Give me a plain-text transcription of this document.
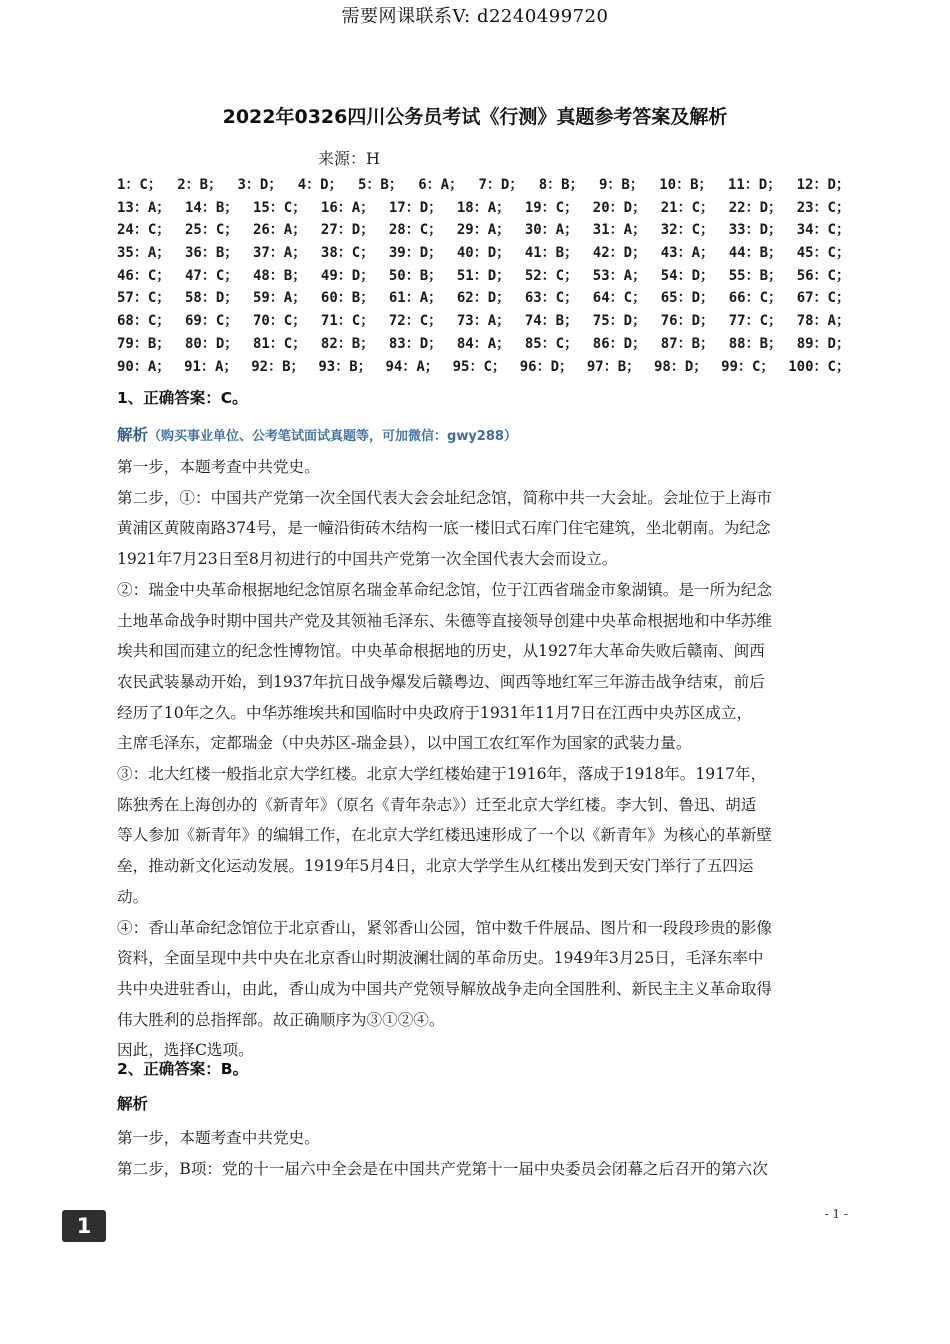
需要网课联系V: d2240499720

2022年0326四川公务员考试《行测》真题参考答案及解析
来源：H
1：C； 2：B； 3：D； 4：D； 5：B； 6：A； 7：D； 8：B； 9：B； 10：B； 11：D； 12：D；
13：A； 14：B； 15：C； 16：A； 17：D； 18：A； 19：C； 20：D； 21：C； 22：D； 23：C；
24：C； 25：C； 26：A； 27：D； 28：C； 29：A； 30：A； 31：A； 32：C； 33：D； 34：C；
35：A； 36：B； 37：A； 38：C； 39：D； 40：D； 41：B； 42：D； 43：A； 44：B； 45：C；
46：C； 47：C； 48：B； 49：D； 50：B； 51：D； 52：C； 53：A； 54：D； 55：B； 56：C；
57：C； 58：D； 59：A； 60：B； 61：A； 62：D； 63：C； 64：C； 65：D； 66：C； 67：C；
68：C； 69：C； 70：C； 71：C； 72：C； 73：A； 74：B； 75：D； 76：D； 77：C； 78：A；
79：B； 80：D； 81：C； 82：B； 83：D； 84：A； 85：C； 86：D； 87：B； 88：B； 89：D；
90：A； 91：A； 92：B； 93：B； 94：A； 95：C； 96：D； 97：B； 98：D； 99：C； 100：C；
1、正确答案：C。
解析（购买事业单位、公考笔试面试真题等，可加微信：gwy288）

第一步，本题考查中共党史。

第二步，①：中国共产党第一次全国代表大会会址纪念馆，简称中共一大会址。会址位于上海市

黄浦区黄陂南路374号，是一幢沿街砖木结构一底一楼旧式石库门住宅建筑，坐北朝南。为纪念

1921年7月23日至8月初进行的中国共产党第一次全国代表大会而设立。

②：瑞金中央革命根据地纪念馆原名瑞金革命纪念馆，位于江西省瑞金市象湖镇。是一所为纪念

土地革命战争时期中国共产党及其领袖毛泽东、朱德等直接领导创建中央革命根据地和中华苏维

埃共和国而建立的纪念性博物馆。中央革命根据地的历史，从1927年大革命失败后赣南、闽西

农民武装暴动开始，到1937年抗日战争爆发后赣粤边、闽西等地红军三年游击战争结束，前后

经历了10年之久。中华苏维埃共和国临时中央政府于1931年11月7日在江西中央苏区成立，

主席毛泽东，定都瑞金（中央苏区-瑞金县），以中国工农红军作为国家的武装力量。

③：北大红楼一般指北京大学红楼。北京大学红楼始建于1916年，落成于1918年。1917年，

陈独秀在上海创办的《新青年》（原名《青年杂志》）迁至北京大学红楼。李大钊、鲁迅、胡适

等人参加《新青年》的编辑工作，在北京大学红楼迅速形成了一个以《新青年》为核心的革新壁

垒，推动新文化运动发展。1919年5月4日，北京大学学生从红楼出发到天安门举行了五四运

动。

④：香山革命纪念馆位于北京香山，紧邻香山公园，馆中数千件展品、图片和一段段珍贵的影像

资料，全面呈现中共中央在北京香山时期波澜壮阔的革命历史。1949年3月25日，毛泽东率中

共中央进驻香山，由此，香山成为中国共产党领导解放战争走向全国胜利、新民主主义革命取得

伟大胜利的总指挥部。故正确顺序为③①②④。

因此，选择C选项。

2、正确答案：B。
解析

第一步，本题考查中共党史。

第二步，B项：党的十一届六中全会是在中国共产党第十一届中央委员会闭幕之后召开的第六次

- 1 -
1
